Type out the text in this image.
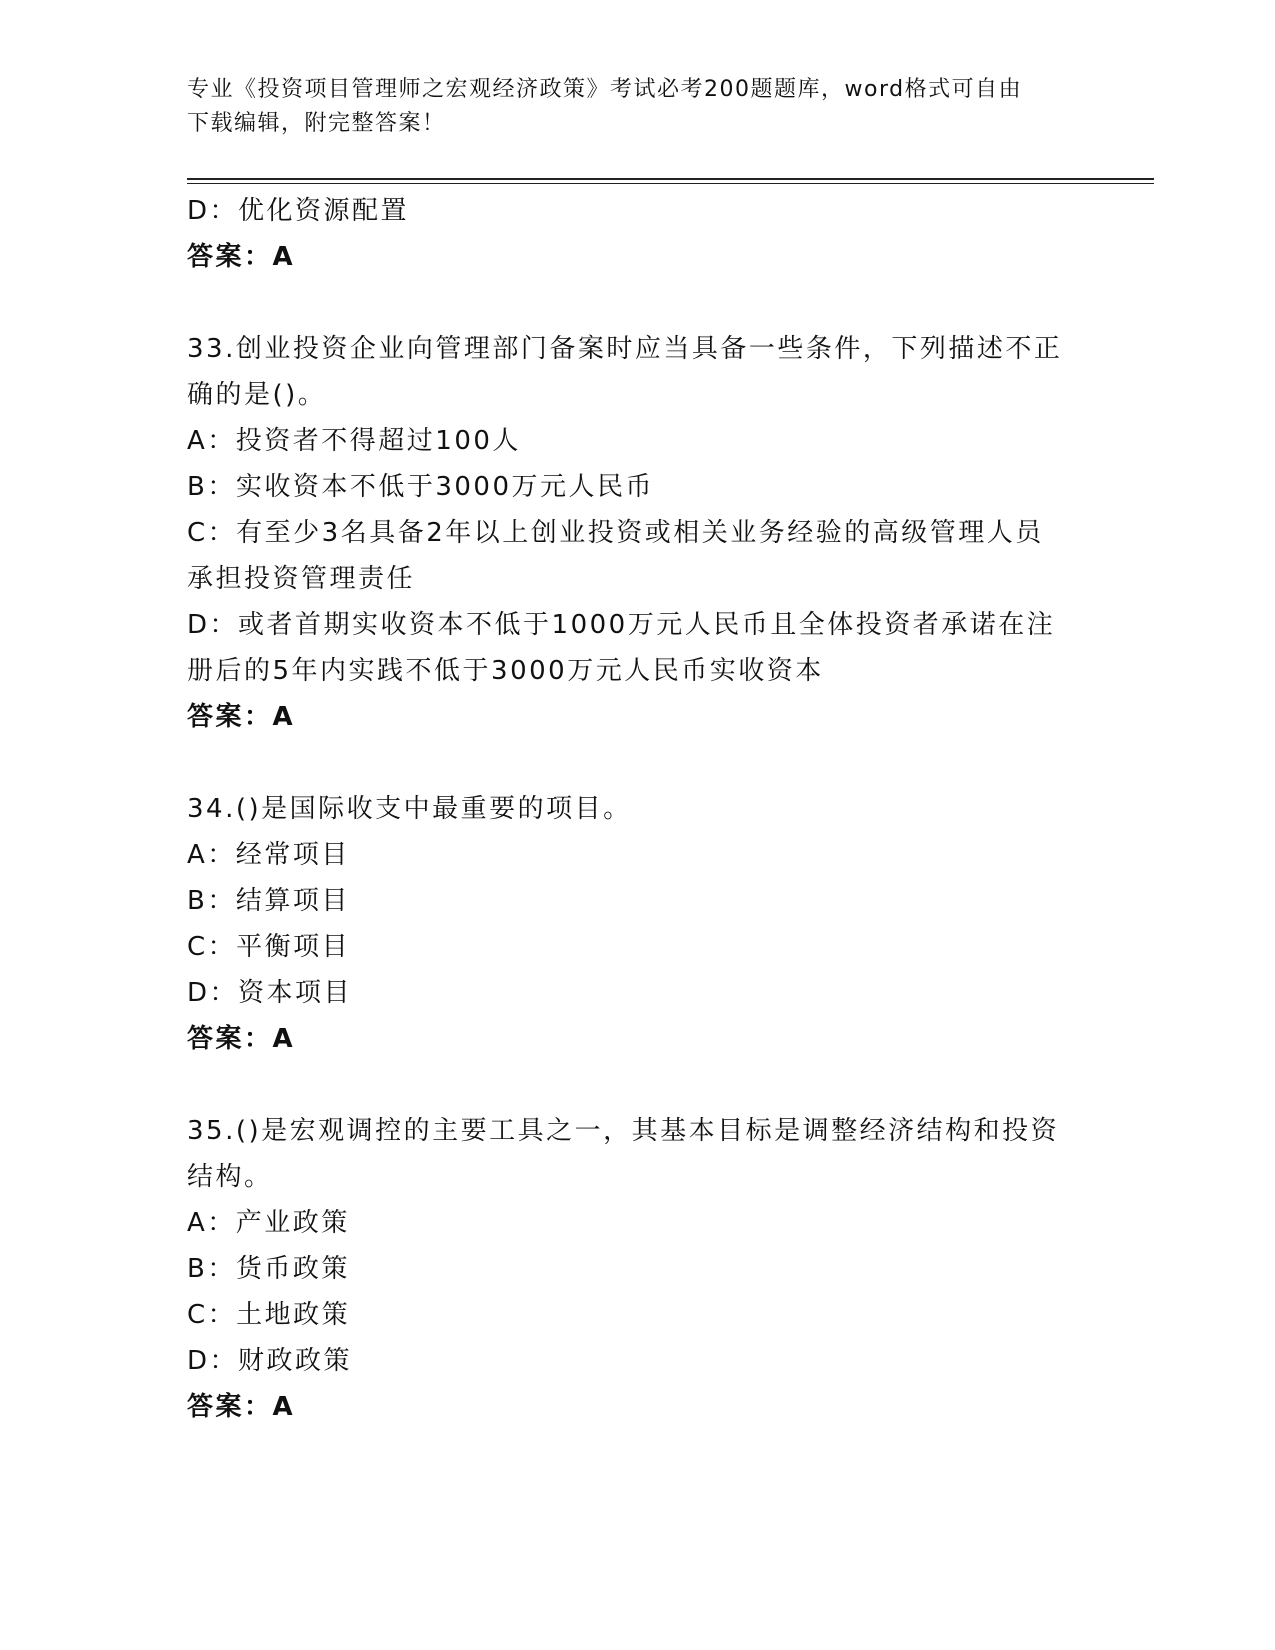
专业《投资项目管理师之宏观经济政策》考试必考200题题库，word格式可自由
下载编辑，附完整答案！
D：优化资源配置
答案：A
33.创业投资企业向管理部门备案时应当具备一些条件，下列描述不正
确的是()。
A：投资者不得超过100人
B：实收资本不低于3000万元人民币
C：有至少3名具备2年以上创业投资或相关业务经验的高级管理人员
承担投资管理责任
D：或者首期实收资本不低于1000万元人民币且全体投资者承诺在注
册后的5年内实践不低于3000万元人民币实收资本
答案：A
34.()是国际收支中最重要的项目。
A：经常项目
B：结算项目
C：平衡项目
D：资本项目
答案：A
35.()是宏观调控的主要工具之一，其基本目标是调整经济结构和投资
结构。
A：产业政策
B：货币政策
C：土地政策
D：财政政策
答案：A
